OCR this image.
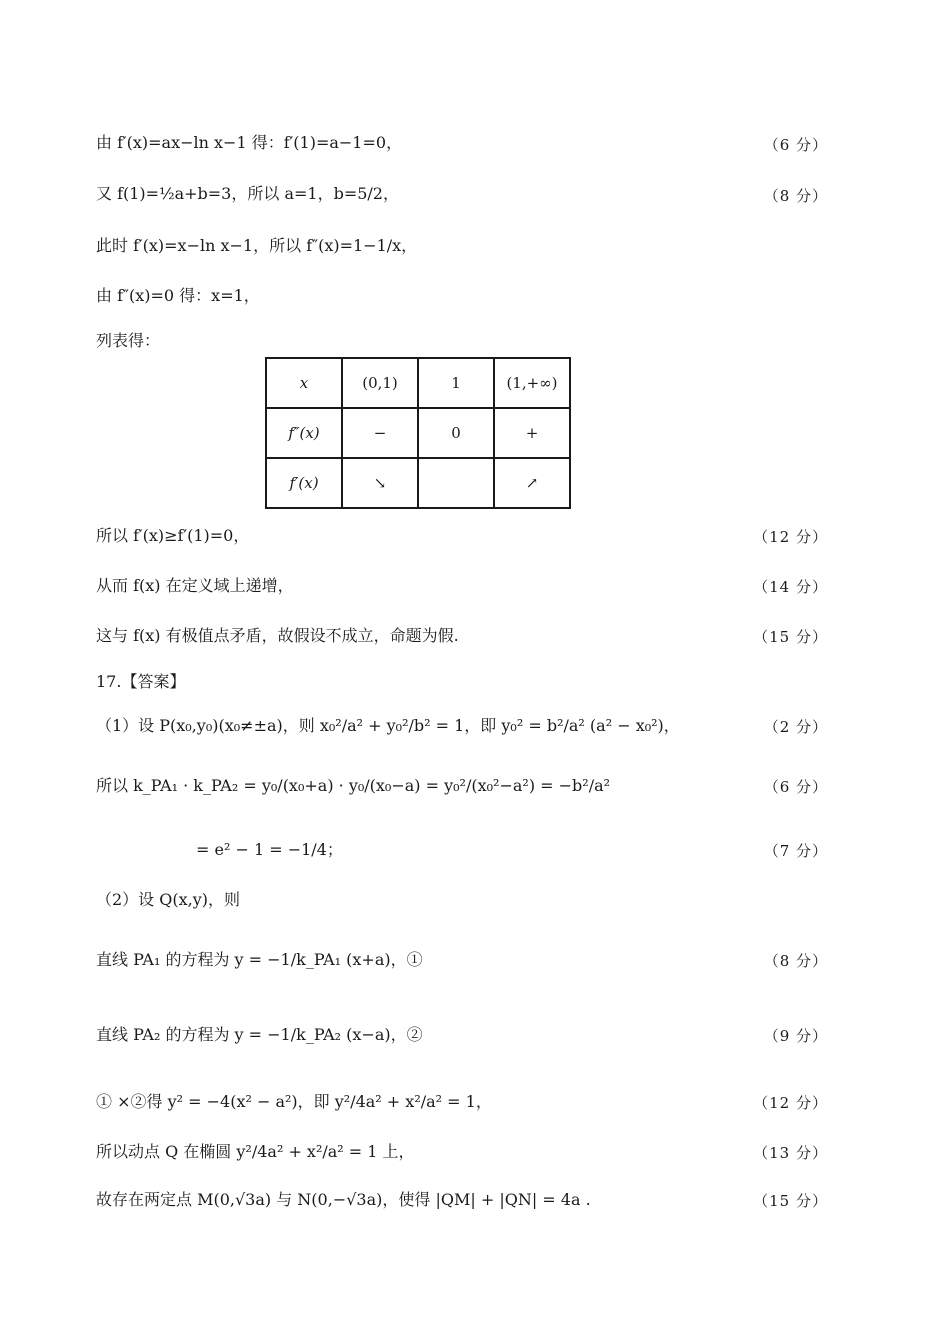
由 f′(x)=ax−ln x−1 得：f′(1)=a−1=0，	（6 分）
又 f(1)=½a+b=3，所以 a=1，b=5/2，	（8 分）
此时 f′(x)=x−ln x−1，所以 f″(x)=1−1/x，
由 f″(x)=0 得：x=1，
列表得：
x	(0,1)	1	(1,+∞)
f″(x)	−	0	+
f′(x)	↘		↗
所以 f′(x)≥f′(1)=0，	（12 分）
从而 f(x) 在定义域上递增，	（14 分）
这与 f(x) 有极值点矛盾，故假设不成立，命题为假.	（15 分）
17.【答案】
（1）设 P(x₀,y₀)(x₀≠±a)，则 x₀²/a² + y₀²/b² = 1，即 y₀² = b²/a² (a² − x₀²)，	（2 分）
所以 k_PA₁ · k_PA₂ = y₀/(x₀+a) · y₀/(x₀−a) = y₀²/(x₀²−a²) = −b²/a²	（6 分）
= e² − 1 = −1/4；	（7 分）
（2）设 Q(x,y)，则
直线 PA₁ 的方程为 y = −1/k_PA₁ (x+a)，①	（8 分）
直线 PA₂ 的方程为 y = −1/k_PA₂ (x−a)，②	（9 分）
① ×②得 y² = −4(x² − a²)，即 y²/4a² + x²/a² = 1，	（12 分）
所以动点 Q 在椭圆 y²/4a² + x²/a² = 1 上，	（13 分）
故存在两定点 M(0,√3a) 与 N(0,−√3a)，使得 |QM| + |QN| = 4a .	（15 分）
